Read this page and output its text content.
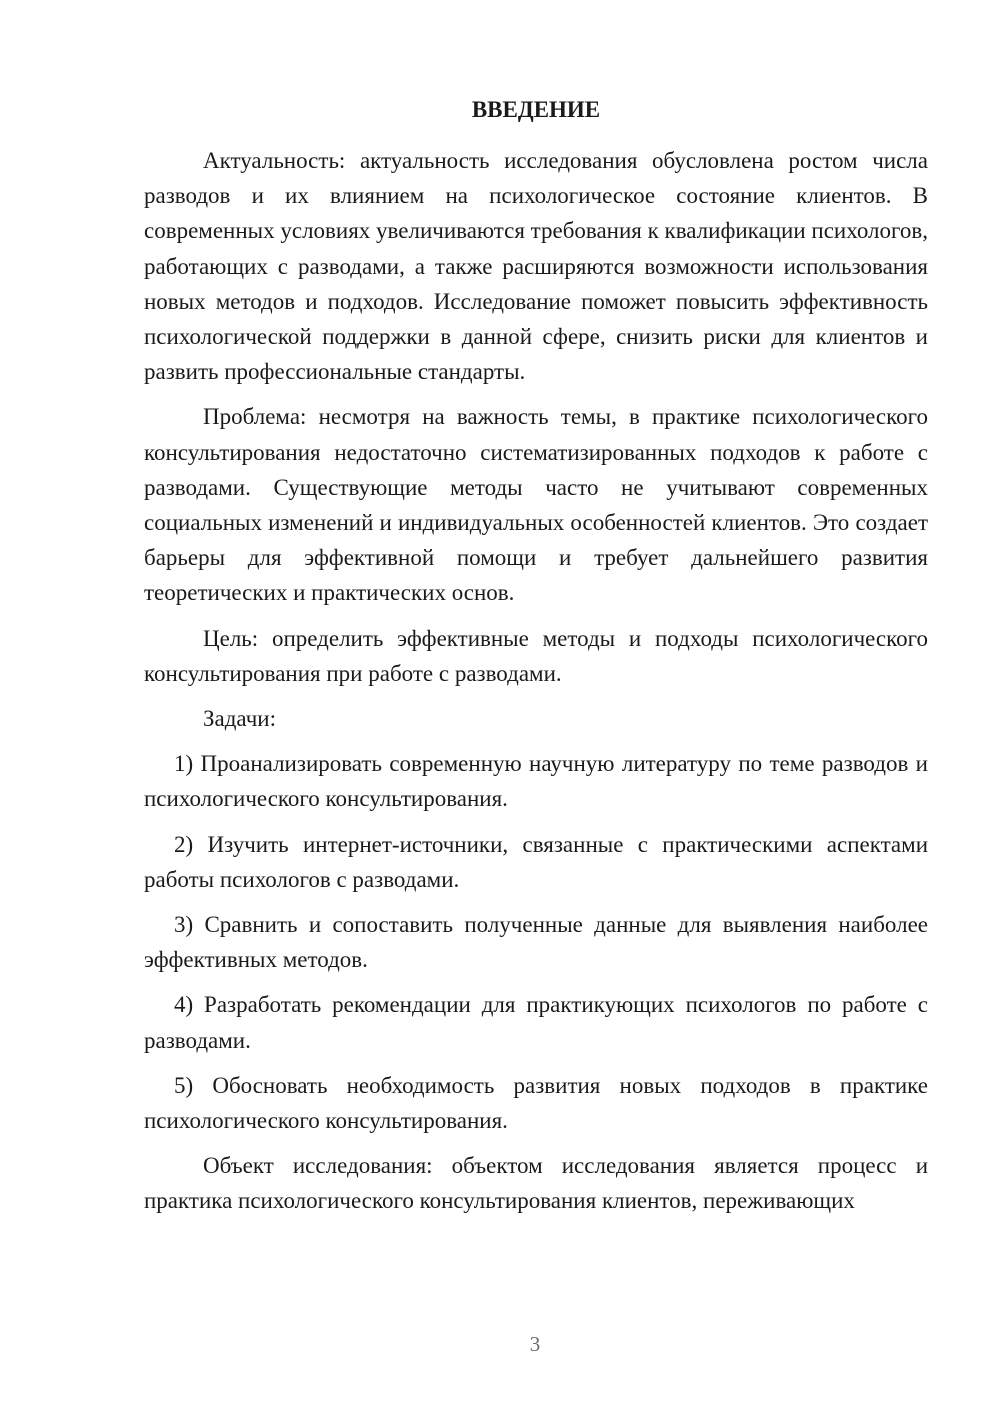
ВВЕДЕНИЕ

Актуальность: актуальность исследования обусловлена ростом числа разводов и их влиянием на психологическое состояние клиентов. В современных условиях увеличиваются требования к квалификации психологов, работающих с разводами, а также расширяются возможности использования новых методов и подходов. Исследование поможет повысить эффективность психологической поддержки в данной сфере, снизить риски для клиентов и развить профессиональные стандарты.

Проблема: несмотря на важность темы, в практике психологического консультирования недостаточно систематизированных подходов к работе с разводами. Существующие методы часто не учитывают современных социальных изменений и индивидуальных особенностей клиентов. Это создает барьеры для эффективной помощи и требует дальнейшего развития теоретических и практических основ.

Цель: определить эффективные методы и подходы психологического консультирования при работе с разводами.

Задачи:

1) Проанализировать современную научную литературу по теме разводов и психологического консультирования.

2) Изучить интернет-источники, связанные с практическими аспектами работы психологов с разводами.

3) Сравнить и сопоставить полученные данные для выявления наиболее эффективных методов.

4) Разработать рекомендации для практикующих психологов по работе с разводами.

5) Обосновать необходимость развития новых подходов в практике психологического консультирования.

Объект исследования: объектом исследования является процесс и практика психологического консультирования клиентов, переживающих

3
